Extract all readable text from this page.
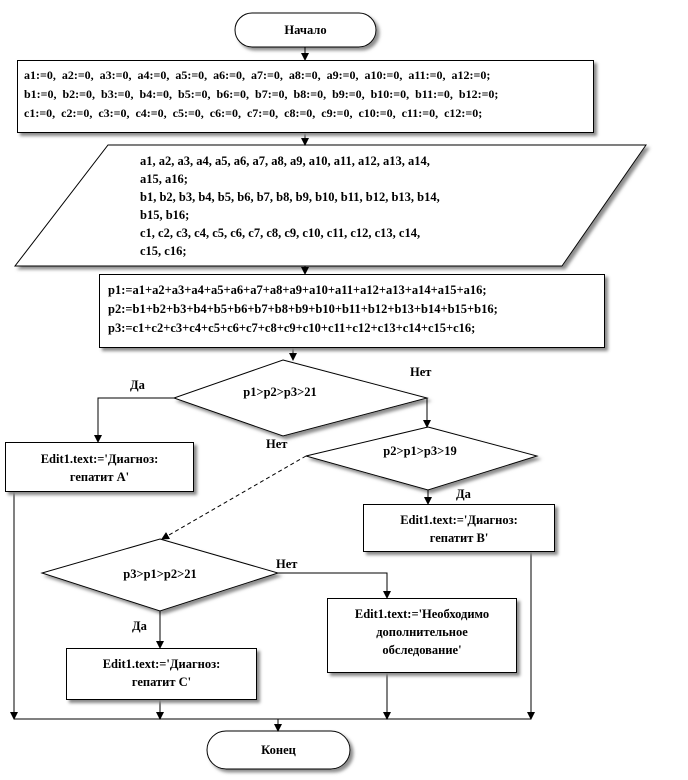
Начало
Конец
a1:=0,  a2:=0,  a3:=0,  a4:=0,  a5:=0,  a6:=0,  a7:=0,  a8:=0,  a9:=0,  a10:=0,  a11:=0,  a12:=0;
b1:=0,  b2:=0,  b3:=0,  b4:=0,  b5:=0,  b6:=0,  b7:=0,  b8:=0,  b9:=0,  b10:=0,  b11:=0,  b12:=0;
c1:=0,  c2:=0,  c3:=0,  c4:=0,  c5:=0,  c6:=0,  c7:=0,  c8:=0,  c9:=0,  c10:=0,  c11:=0,  c12:=0;
a1, a2, a3, a4, a5, a6, a7, a8, a9, a10, a11, a12, a13, a14,
a15, a16;
b1, b2, b3, b4, b5, b6, b7, b8, b9, b10, b11, b12, b13, b14,
b15, b16;
c1, c2, c3, c4, c5, c6, c7, c8, c9, c10, c11, c12, c13, c14,
c15, c16;
p1:=a1+a2+a3+a4+a5+a6+a7+a8+a9+a10+a11+a12+a13+a14+a15+a16;
p2:=b1+b2+b3+b4+b5+b6+b7+b8+b9+b10+b11+b12+b13+b14+b15+b16;
p3:=c1+c2+c3+c4+c5+c6+c7+c8+c9+c10+c11+c12+c13+c14+c15+c16;
p1>p2>p3>21
p2>p1>p3>19
p3>p1>p2>21
Да
Нет
Нет
Да
Нет
Да
Edit1.text:='Диагноз:
гепатит А'
Edit1.text:='Диагноз:
гепатит В'
Edit1.text:='Необходимо
дополнительное
обследование'
Edit1.text:='Диагноз:
гепатит С'
